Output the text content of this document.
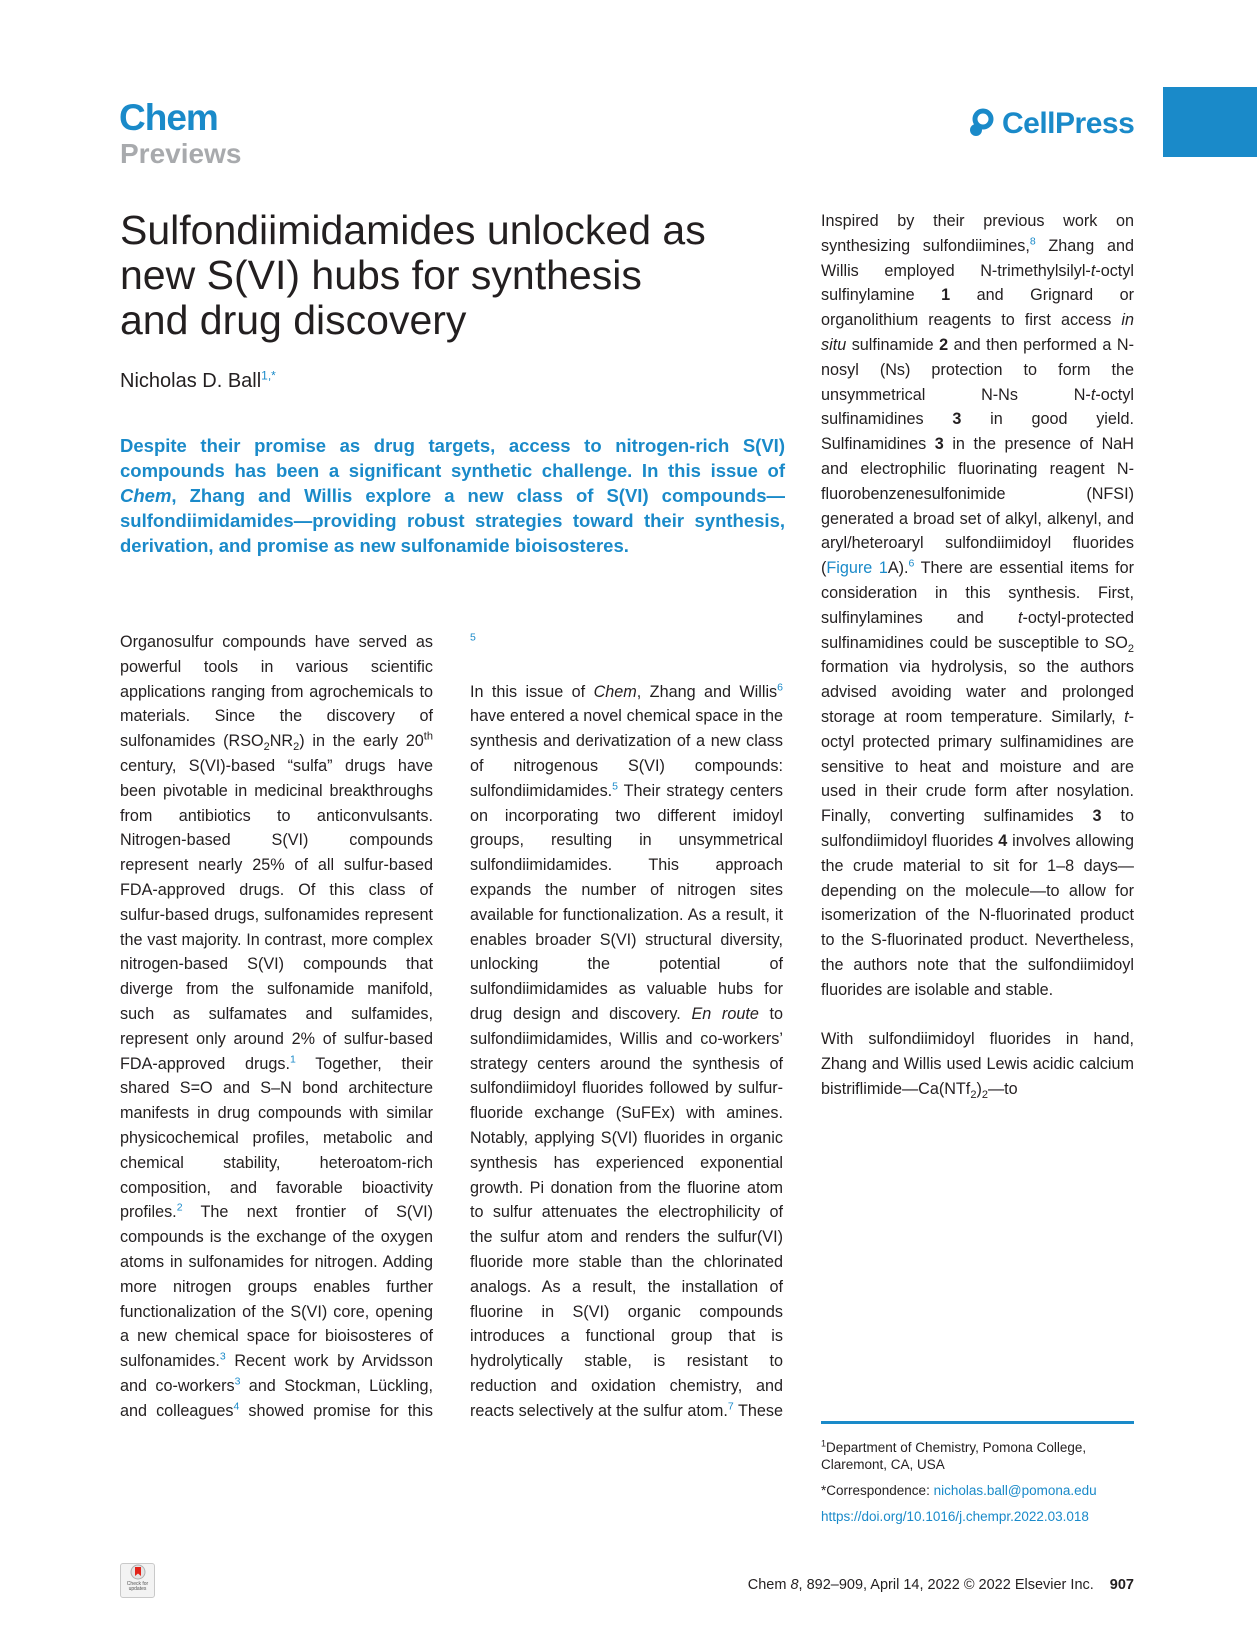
Chem
Previews
CellPress
Sulfondiimidamides unlocked as new S(VI) hubs for synthesis and drug discovery
Nicholas D. Ball$^{1,*}$

Despite their promise as drug targets, access to nitrogen-rich S(VI) compounds has been a significant synthetic challenge. In this issue of Chem, Zhang and Willis explore a new class of S(VI) compounds—sulfondiimidamides—providing robust strategies toward their synthesis, derivation, and promise as new sulfonamide bioisosteres.

Organosulfur compounds have served as powerful tools in various scientific applications ranging from agrochemicals to materials. Since the discovery of sulfonamides $(RSO_2NR_2)$ in the early 20th century, S(VI)-based “sulfa” drugs have been pivotable in medicinal breakthroughs from antibiotics to anticonvulsants. Nitrogen-based S(VI) compounds represent nearly 25% of all sulfur-based FDA-approved drugs. Of this class of sulfur-based drugs, sulfonamides represent the vast majority. In contrast, more complex nitrogen-based S(VI) compounds that diverge from the sulfonamide manifold, such as sulfamates and sulfamides, represent only around 2% of sulfur-based FDA-approved drugs.$^1$ Together, their shared S=O and S–N bond architecture manifests in drug compounds with similar physicochemical profiles, metabolic and chemical stability, heteroatom-rich composition, and favorable bioactivity profiles.$^2$ The next frontier of S(VI) compounds is the exchange of the oxygen atoms in sulfonamides for nitrogen. Adding more nitrogen groups enables further functionalization of the S(VI) core, opening a new chemical space for bioisosteres of sulfonamides.$^3$ Recent work by Arvidsson and co-workers$^3$ and Stockman, Lückling, and colleagues$^4$ showed promise for this

$^5$

In this issue of Chem, Zhang and Willis$^6$ have entered a novel chemical space in the synthesis and derivatization of a new class of nitrogenous S(VI) compounds: sulfondiimidamides.$^5$ Their strategy centers on incorporating two different imidoyl groups, resulting in unsymmetrical sulfondiimidamides. This approach expands the number of nitrogen sites available for functionalization. As a result, it enables broader S(VI) structural diversity, unlocking the potential of sulfondiimidamides as valuable hubs for drug design and discovery. En route to sulfondiimidamides, Willis and co-workers’ strategy centers around the synthesis of sulfondiimidoyl fluorides followed by sulfur-fluoride exchange (SuFEx) with amines. Notably, applying S(VI) fluorides in organic synthesis has experienced exponential growth. Pi donation from the fluorine atom to sulfur attenuates the electrophilicity of the sulfur atom and renders the sulfur(VI) fluoride more stable than the chlorinated analogs. As a result, the installation of fluorine in S(VI) organic compounds introduces a functional group that is hydrolytically stable, is resistant to reduction and oxidation chemistry, and reacts selectively at the sulfur atom.$^7$ These

Inspired by their previous work on synthesizing sulfondiimines,$^8$ Zhang and Willis employed N-trimethylsilyl-t-octyl sulfinylamine 1 and Grignard or organolithium reagents to first access in situ sulfinamide 2 and then performed a N-nosyl (Ns) protection to form the unsymmetrical N-Ns N-t-octyl sulfinamidines 3 in good yield. Sulfinamidines 3 in the presence of NaH and electrophilic fluorinating reagent N-fluorobenzenesulfonimide (NFSI) generated a broad set of alkyl, alkenyl, and aryl/heteroaryl sulfondiimidoyl fluorides (Figure 1A).$^6$ There are essential items for consideration in this synthesis. First, sulfinylamines and t-octyl-protected sulfinamidines could be susceptible to $SO_2$ formation via hydrolysis, so the authors advised avoiding water and prolonged storage at room temperature. Similarly, t-octyl protected primary sulfinamidines are sensitive to heat and moisture and are used in their crude form after nosylation. Finally, converting sulfinamides 3 to sulfondiimidoyl fluorides 4 involves allowing the crude material to sit for 1–8 days—depending on the molecule—to allow for isomerization of the N-fluorinated product to the S-fluorinated product. Nevertheless, the authors note that the sulfondiimidoyl fluorides are isolable and stable.

With sulfondiimidoyl fluorides in hand, Zhang and Willis used Lewis acidic calcium $bistriflimide—Ca(NTf_2)_2—to$

$^1$Department of Chemistry, Pomona College, Claremont, CA, USA
*Correspondence: nicholas.ball@pomona.edu
https://doi.org/10.1016/j.chempr.2022.03.018
Check for updates	Chem 8, 892–909, April 14, 2022 © 2022 Elsevier Inc. 907
